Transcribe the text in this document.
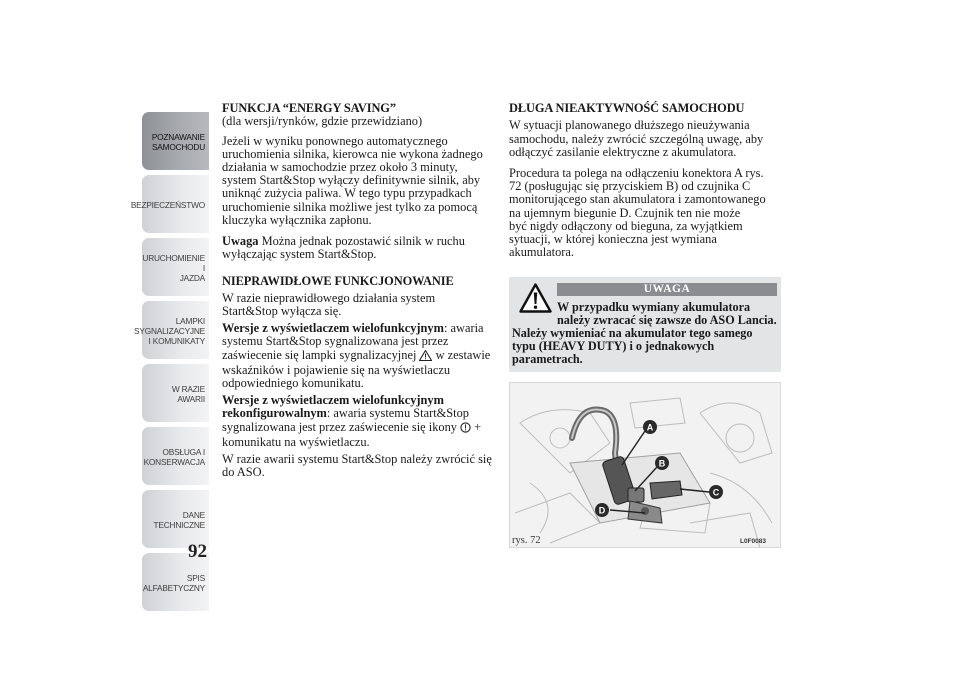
POZNAWANIE
SAMOCHODU
BEZPIECZEŃSTWO
URUCHOMIENIE I
JAZDA
LAMPKI
SYGNALIZACYJNE
I KOMUNIKATY
W RAZIE AWARII
OBSŁUGA I
KONSERWACJA
DANE
TECHNICZNE
SPIS
ALFABETYCZNY
92
FUNKCJA “ENERGY SAVING”

(dla wersji/rynków, gdzie przewidziano)

Jeżeli w wyniku ponownego automatycznego
uruchomienia silnika, kierowca nie wykona żadnego
działania w samochodzie przez około 3 minuty,
system Start&Stop wyłączy definitywnie silnik, aby
uniknąć zużycia paliwa. W tego typu przypadkach
uruchomienie silnika możliwe jest tylko za pomocą
kluczyka wyłącznika zapłonu.

Uwaga Można jednak pozostawić silnik w ruchu
wyłączając system Start&Stop.

NIEPRAWIDŁOWE FUNKCJONOWANIE

W razie nieprawidłowego działania system
Start&Stop wyłącza się.

Wersje z wyświetlaczem wielofunkcyjnym: awaria
systemu Start&Stop sygnalizowana jest przez
zaświecenie się lampki sygnalizacyjnej  w zestawie
wskaźników i pojawienie się na wyświetlaczu
odpowiedniego komunikatu.

Wersje z wyświetlaczem wielofunkcyjnym
rekonfigurowalnym: awaria systemu Start&Stop
sygnalizowana jest przez zaświecenie się ikony  +
komunikatu na wyświetlaczu.

W razie awarii systemu Start&Stop należy zwrócić się
do ASO.

DŁUGA NIEAKTYWNOŚĆ SAMOCHODU

W sytuacji planowanego dłuższego nieużywania
samochodu, należy zwrócić szczególną uwagę, aby
odłączyć zasilanie elektryczne z akumulatora.

Procedura ta polega na odłączeniu konektora A rys.
72 (posługując się przyciskiem B) od czujnika C
monitorującego stan akumulatora i zamontowanego
na ujemnym biegunie D. Czujnik ten nie może
być nigdy odłączony od bieguna, za wyjątkiem
sytuacji, w której konieczna jest wymiana
akumulatora.

UWAGA
W przypadku wymiany akumulatora
należy zwracać się zawsze do ASO Lancia.
Należy wymieniać na akumulator tego samego
typu (HEAVY DUTY) i o jednakowych
parametrach.
A
B
C
D
rys. 72	L0F0083
